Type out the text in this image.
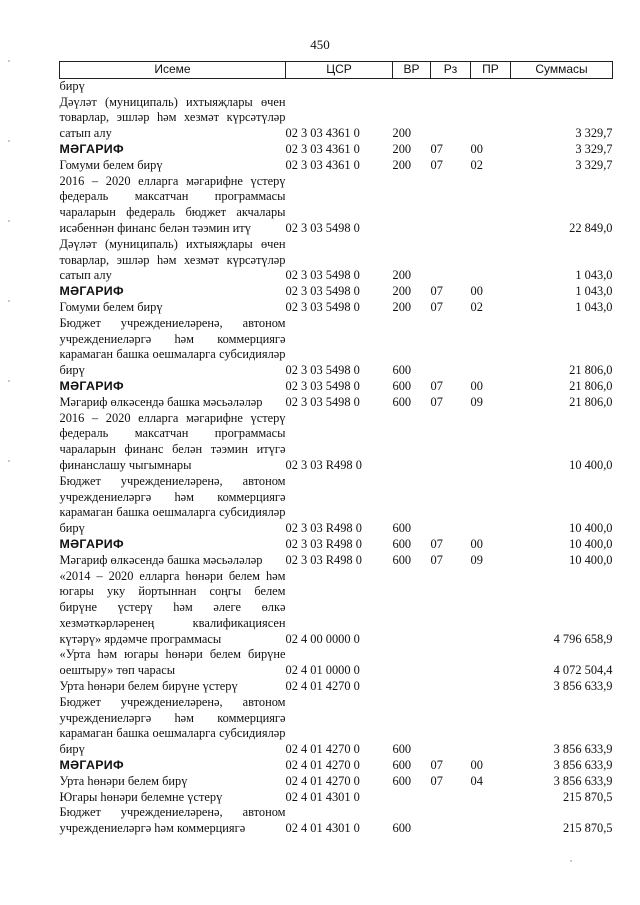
450
Исеме	ЦСР	ВР	Рз	ПР	Суммасы
бирү					
Дәүләт (муниципаль) ихтыяҗлары өчен товарлар, эшләр һәм хезмәт күрсәтүләр сатып алу	02 3 03 4361 0	200			3 329,7
МӘГАРИФ	02 3 03 4361 0	200	07	00	3 329,7
Гомуми белем бирү	02 3 03 4361 0	200	07	02	3 329,7
2016 – 2020 елларга мәгарифне үстерү федераль максатчан программасы чараларын федераль бюджет акчалары исәбеннән финанс белән тәэмин итү	02 3 03 5498 0				22 849,0
Дәүләт (муниципаль) ихтыяҗлары өчен товарлар, эшләр һәм хезмәт күрсәтүләр сатып алу	02 3 03 5498 0	200			1 043,0
МӘГАРИФ	02 3 03 5498 0	200	07	00	1 043,0
Гомуми белем бирү	02 3 03 5498 0	200	07	02	1 043,0
Бюджет учреждениеләренә, автоном учреждениеләргә һәм коммерциягә карамаган башка оешмаларга субсидияләр бирү	02 3 03 5498 0	600			21 806,0
МӘГАРИФ	02 3 03 5498 0	600	07	00	21 806,0
Мәгариф өлкәсендә башка мәсьәләләр	02 3 03 5498 0	600	07	09	21 806,0
2016 – 2020 елларга мәгарифне үстерү федераль максатчан программасы чараларын финанс белән тәэмин итүгә финанслашу чыгымнары	02 3 03 R498 0				10 400,0
Бюджет учреждениеләренә, автоном учреждениеләргә һәм коммерциягә карамаган башка оешмаларга субсидияләр бирү	02 3 03 R498 0	600			10 400,0
МӘГАРИФ	02 3 03 R498 0	600	07	00	10 400,0
Мәгариф өлкәсендә башка мәсьәләләр	02 3 03 R498 0	600	07	09	10 400,0
«2014 – 2020 елларга һөнәри белем һәм югары уку йортыннан соңгы белем бирүне үстерү һәм әлеге өлкә хезмәткәрләренең квалификациясен күтәрү» ярдәмче программасы	02 4 00 0000 0				4 796 658,9
«Урта һәм югары һөнәри белем бирүне оештыру» төп чарасы	02 4 01 0000 0				4 072 504,4
Урта һөнәри белем бирүне үстерү	02 4 01 4270 0				3 856 633,9
Бюджет учреждениеләренә, автоном учреждениеләргә һәм коммерциягә карамаган башка оешмаларга субсидияләр бирү	02 4 01 4270 0	600			3 856 633,9
МӘГАРИФ	02 4 01 4270 0	600	07	00	3 856 633,9
Урта һөнәри белем бирү	02 4 01 4270 0	600	07	04	3 856 633,9
Югары һөнәри белемне үстерү	02 4 01 4301 0				215 870,5
Бюджет учреждениеләренә, автоном учреждениеләргә һәм коммерциягә	02 4 01 4301 0	600			215 870,5
